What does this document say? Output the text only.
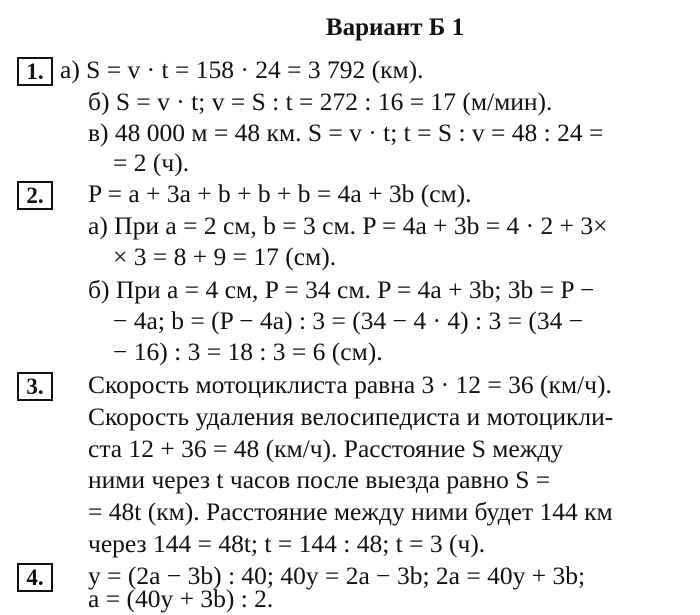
Вариант Б 1
1. а) S = v · t = 158 · 24 = 3 792 (км).
б) S = v · t; v = S : t = 272 : 16 = 17 (м/мин).
в) 48 000 м = 48 км. S = v · t; t = S : v = 48 : 24 =
= 2 (ч).
2.	P = a + 3a + b + b + b = 4a + 3b (см).
а) При a = 2 см, b = 3 см. P = 4a + 3b = 4 · 2 + 3×
× 3 = 8 + 9 = 17 (см).
б) При a = 4 см, P = 34 см. P = 4a + 3b; 3b = P −
− 4a; b = (P − 4a) : 3 = (34 − 4 · 4) : 3 = (34 −
− 16) : 3 = 18 : 3 = 6 (см).
3.	Скорость мотоциклиста равна 3 · 12 = 36 (км/ч).
Скорость удаления велосипедиста и мотоцикли-
ста 12 + 36 = 48 (км/ч). Расстояние S между
ними через t часов после выезда равно S =
= 48t (км). Расстояние между ними будет 144 км
через 144 = 48t; t = 144 : 48; t = 3 (ч).
4.	y = (2a − 3b) : 40; 40y = 2a − 3b; 2a = 40y + 3b;
a = (40y + 3b) : 2.
